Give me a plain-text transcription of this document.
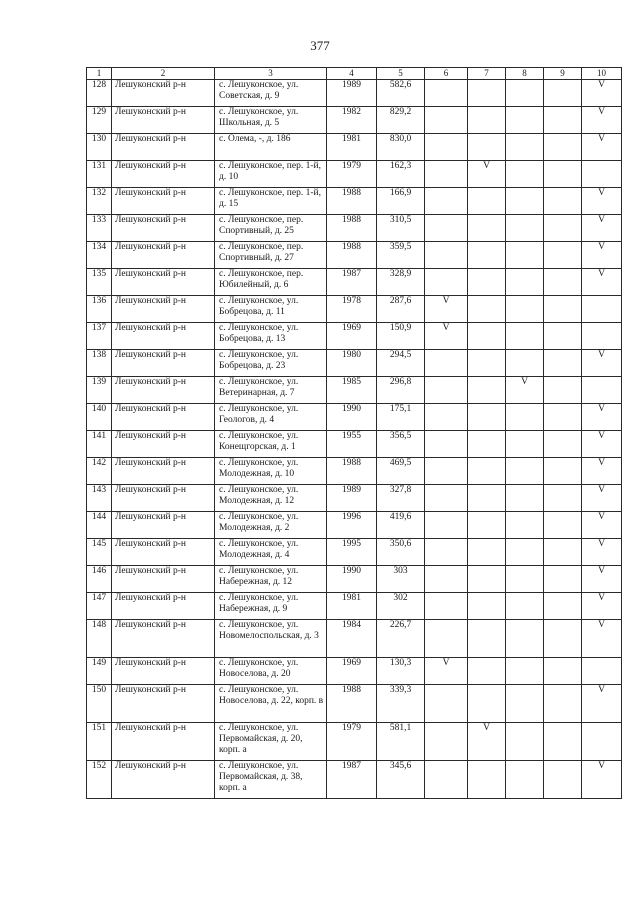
377
1	2	3	4	5	6	7	8	9	10
128	Лешуконский р-н	с. Лешуконское, ул. Советская, д. 9	1989	582,6					V
129	Лешуконский р-н	с. Лешуконское, ул. Школьная, д. 5	1982	829,2					V
130	Лешуконский р-н	с. Олема, -, д. 186	1981	830,0					V
131	Лешуконский р-н	с. Лешуконское, пер. 1-й, д. 10	1979	162,3		V			
132	Лешуконский р-н	с. Лешуконское, пер. 1-й, д. 15	1988	166,9					V
133	Лешуконский р-н	с. Лешуконское, пер. Спортивный, д. 25	1988	310,5					V
134	Лешуконский р-н	с. Лешуконское, пер. Спортивный, д. 27	1988	359,5					V
135	Лешуконский р-н	с. Лешуконское, пер. Юбилейный, д. 6	1987	328,9					V
136	Лешуконский р-н	с. Лешуконское, ул. Бобрецова, д. 11	1978	287,6	V				
137	Лешуконский р-н	с. Лешуконское, ул. Бобрецова, д. 13	1969	150,9	V				
138	Лешуконский р-н	с. Лешуконское, ул. Бобрецова, д. 23	1980	294,5					V
139	Лешуконский р-н	с. Лешуконское, ул. Ветеринарная, д. 7	1985	296,8			V		
140	Лешуконский р-н	с. Лешуконское, ул. Геологов, д. 4	1990	175,1					V
141	Лешуконский р-н	с. Лешуконское, ул. Конещгорская, д. 1	1955	356,5					V
142	Лешуконский р-н	с. Лешуконское, ул. Молодежная, д. 10	1988	469,5					V
143	Лешуконский р-н	с. Лешуконское, ул. Молодежная, д. 12	1989	327,8					V
144	Лешуконский р-н	с. Лешуконское, ул. Молодежная, д. 2	1996	419,6					V
145	Лешуконский р-н	с. Лешуконское, ул. Молодежная, д. 4	1995	350,6					V
146	Лешуконский р-н	с. Лешуконское, ул. Набережная, д. 12	1990	303					V
147	Лешуконский р-н	с. Лешуконское, ул. Набережная, д. 9	1981	302					V
148	Лешуконский р-н	с. Лешуконское, ул. Новомелоспольская, д. 3	1984	226,7					V
149	Лешуконский р-н	с. Лешуконское, ул. Новоселова, д. 20	1969	130,3	V				
150	Лешуконский р-н	с. Лешуконское, ул. Новоселова, д. 22, корп. в	1988	339,3					V
151	Лешуконский р-н	с. Лешуконское, ул. Первомайская, д. 20, корп. а	1979	581,1		V			
152	Лешуконский р-н	с. Лешуконское, ул. Первомайская, д. 38, корп. а	1987	345,6					V
